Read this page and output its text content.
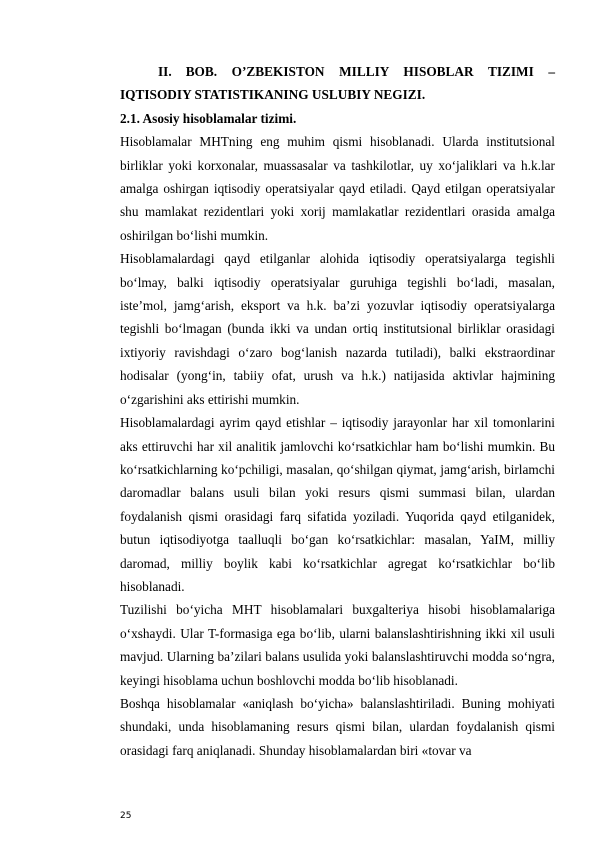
II. BOB. O’ZBEKISTON MILLIY HISOBLAR TIZIMI –
IQTISODIY STATISTIKANING USLUBIY NEGIZI.
2.1. Asosiy hisoblamalar tizimi.

Hisoblamalar MHTning eng muhim qismi hisoblanadi. Ularda institutsional birliklar yoki korxonalar, muassasalar va tashkilotlar, uy xo‘jaliklari va h.k.lar amalga oshirgan iqtisodiy operatsiyalar qayd etiladi. Qayd etilgan operatsiyalar shu mamlakat rezidentlari yoki xorij mamlakatlar rezidentlari orasida amalga oshirilgan bo‘lishi mumkin.

Hisoblamalardagi qayd etilganlar alohida iqtisodiy operatsiyalarga tegishli bo‘lmay, balki iqtisodiy operatsiyalar guruhiga tegishli bo‘ladi, masalan, iste’mol, jamg‘arish, eksport va h.k. ba’zi yozuvlar iqtisodiy operatsiyalarga tegishli bo‘lmagan (bunda ikki va undan ortiq institutsional birliklar orasidagi ixtiyoriy ravishdagi o‘zaro bog‘lanish nazarda tutiladi), balki ekstraordinar hodisalar (yong‘in, tabiiy ofat, urush va h.k.) natijasida aktivlar hajmining o‘zgarishini aks ettirishi mumkin.

Hisoblamalardagi ayrim qayd etishlar – iqtisodiy jarayonlar har xil tomonlarini aks ettiruvchi har xil analitik jamlovchi ko‘rsatkichlar ham bo‘lishi mumkin. Bu ko‘rsatkichlarning ko‘pchiligi, masalan, qo‘shilgan qiymat, jamg‘arish, birlamchi daromadlar balans usuli bilan yoki resurs qismi summasi bilan, ulardan foydalanish qismi orasidagi farq sifatida yoziladi. Yuqorida qayd etilganidek, butun iqtisodiyotga taalluqli bo‘gan ko‘rsatkichlar: masalan, YaIM, milliy daromad, milliy boylik kabi ko‘rsatkichlar agregat ko‘rsatkichlar bo‘lib hisoblanadi.

Tuzilishi bo‘yicha MHT hisoblamalari buxgalteriya hisobi hisoblamalariga o‘xshaydi. Ular T-formasiga ega bo‘lib, ularni balanslashtirishning ikki xil usuli mavjud. Ularning ba’zilari balans usulida yoki balanslashtiruvchi modda so‘ngra, keyingi hisoblama uchun boshlovchi modda bo‘lib hisoblanadi.

Boshqa hisoblamalar «aniqlash bo‘yicha» balanslashtiriladi. Buning mohiyati shundaki, unda hisoblamaning resurs qismi bilan, ulardan foydalanish qismi orasidagi farq aniqlanadi. Shunday hisoblamalardan biri «tovar va

25
